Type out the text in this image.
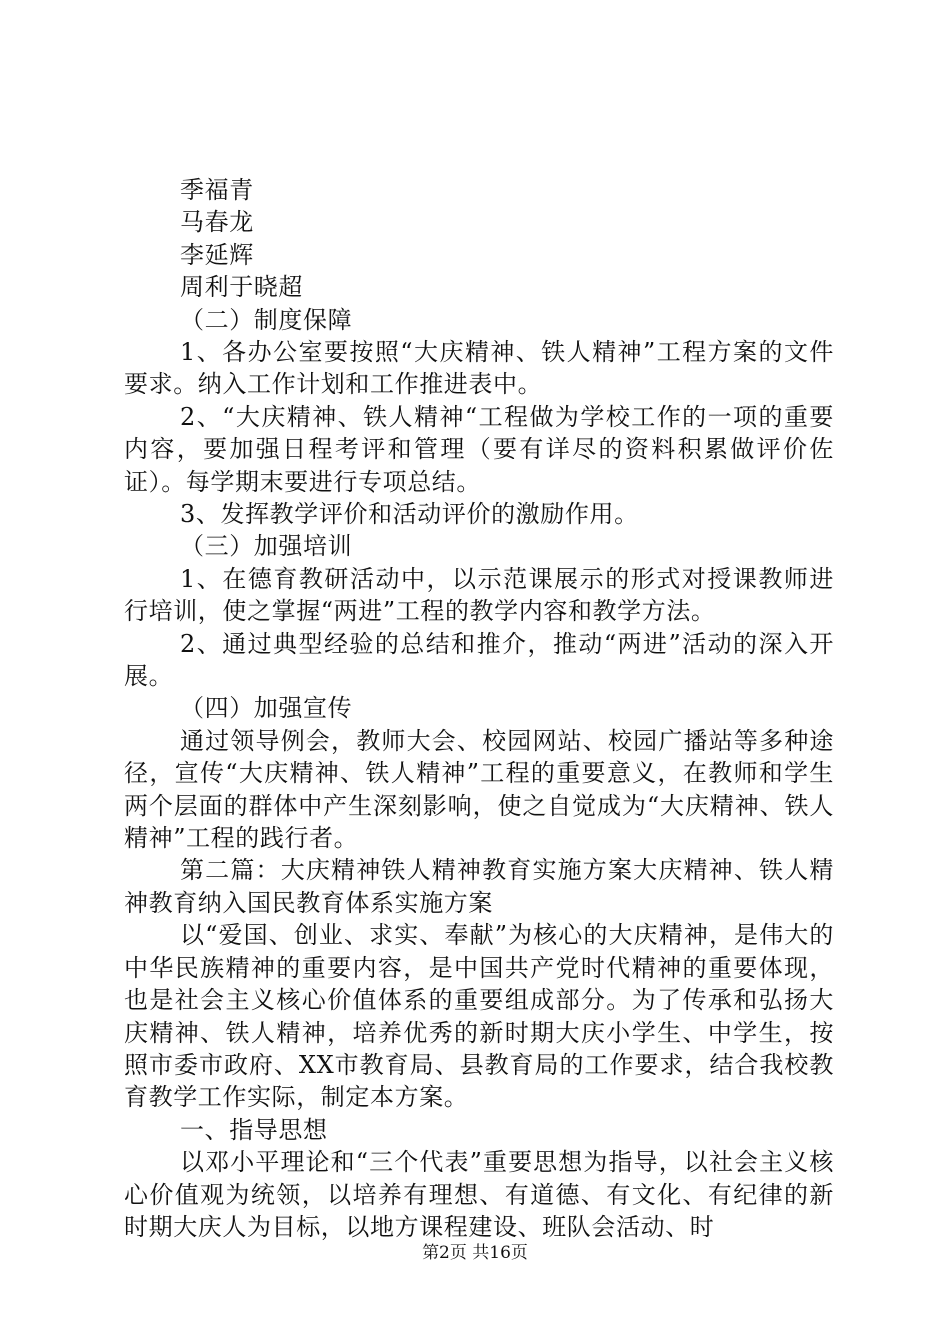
季福青
马春龙
李延辉
周利于晓超

（二）制度保障

1、各办公室要按照“大庆精神、铁人精神”工程方案的文件要求。纳入工作计划和工作推进表中。

2、“大庆精神、铁人精神“工程做为学校工作的一项的重要内容，要加强日程考评和管理（要有详尽的资料积累做评价佐证）。每学期末要进行专项总结。

3、发挥教学评价和活动评价的激励作用。

（三）加强培训

1、在德育教研活动中，以示范课展示的形式对授课教师进行培训，使之掌握“两进”工程的教学内容和教学方法。

2、通过典型经验的总结和推介，推动“两进”活动的深入开展。

（四）加强宣传

通过领导例会，教师大会、校园网站、校园广播站等多种途径，宣传“大庆精神、铁人精神”工程的重要意义，在教师和学生两个层面的群体中产生深刻影响，使之自觉成为“大庆精神、铁人精神”工程的践行者。

第二篇：大庆精神铁人精神教育实施方案大庆精神、铁人精神教育纳入国民教育体系实施方案

以“爱国、创业、求实、奉献”为核心的大庆精神，是伟大的中华民族精神的重要内容，是中国共产党时代精神的重要体现，也是社会主义核心价值体系的重要组成部分。为了传承和弘扬大庆精神、铁人精神，培养优秀的新时期大庆小学生、中学生，按照市委市政府、XX市教育局、县教育局的工作要求，结合我校教育教学工作实际，制定本方案。

一、指导思想

以邓小平理论和“三个代表”重要思想为指导，以社会主义核心价值观为统领，以培养有理想、有道德、有文化、有纪律的新时期大庆人为目标，以地方课程建设、班队会活动、时

第2页 共16页
